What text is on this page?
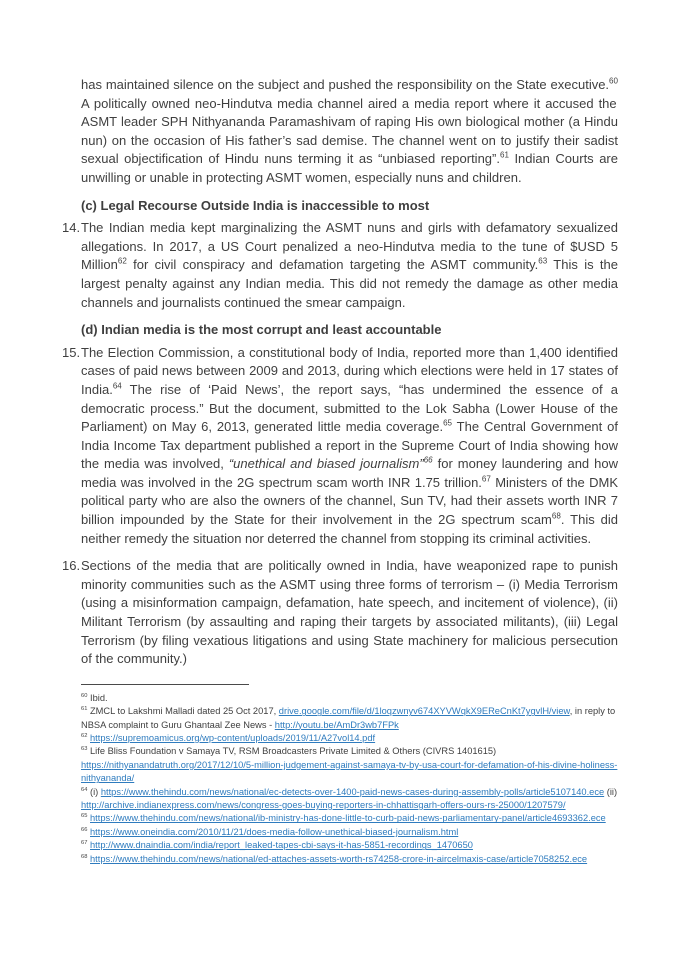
has maintained silence on the subject and pushed the responsibility on the State executive.$^{60}$ A politically owned neo-Hindutva media channel aired a media report where it accused the ASMT leader SPH Nithyananda Paramashivam of raping His own biological mother (a Hindu nun) on the occasion of His father’s sad demise. The channel went on to justify their sadist sexual objectification of Hindu nuns terming it as “unbiased reporting”.$^{61}$ Indian Courts are unwilling or unable in protecting ASMT women, especially nuns and children.

(c) Legal Recourse Outside India is inaccessible to most

14. The Indian media kept marginalizing the ASMT nuns and girls with defamatory sexualized allegations. In 2017, a US Court penalized a neo-Hindutva media to the tune of $USD 5 Million$^{62}$ for civil conspiracy and defamation targeting the ASMT community.$^{63}$ This is the largest penalty against any Indian media. This did not remedy the damage as other media channels and journalists continued the smear campaign.

(d) Indian media is the most corrupt and least accountable

15. The Election Commission, a constitutional body of India, reported more than 1,400 identified cases of paid news between 2009 and 2013, during which elections were held in 17 states of India.$^{64}$ The rise of ‘Paid News’, the report says, “has undermined the essence of a democratic process.” But the document, submitted to the Lok Sabha (Lower House of the Parliament) on May 6, 2013, generated little media coverage.$^{65}$ The Central Government of India Income Tax department published a report in the Supreme Court of India showing how the media was involved, “unethical and biased journalism”$^{66}$ for money laundering and how media was involved in the 2G spectrum scam worth INR 1.75 trillion.$^{67}$ Ministers of the DMK political party who are also the owners of the channel, Sun TV, had their assets worth INR 7 billion impounded by the State for their involvement in the 2G spectrum scam$^{68}$. This did neither remedy the situation nor deterred the channel from stopping its criminal activities.

16. Sections of the media that are politically owned in India, have weaponized rape to punish minority communities such as the ASMT using three forms of terrorism – (i) Media Terrorism (using a misinformation campaign, defamation, hate speech, and incitement of violence), (ii) Militant Terrorism (by assaulting and raping their targets by associated militants), (iii) Legal Terrorism (by filing vexatious litigations and using State machinery for malicious persecution of the community.)

$^{60}$ Ibid.

$^{61}$ ZMCL to Lakshmi Malladi dated 25 Oct 2017, drive.google.com/file/d/1loqzwnyv674XYVWqkX9EReCnKt7ygvlH/view, in reply to NBSA complaint to Guru Ghantaal Zee News - http://youtu.be/AmDr3wb7FPk

$^{62}$ https://supremoamicus.org/wp-content/uploads/2019/11/A27vol14.pdf

$^{63}$ Life Bliss Foundation v Samaya TV, RSM Broadcasters Private Limited & Others (CIVRS 1401615)
https://nithyanandatruth.org/2017/12/10/5-million-judgement-against-samaya-tv-by-usa-court-for-defamation-of-his-divine-holiness-nithyananda/

$^{64}$ (i) https://www.thehindu.com/news/national/ec-detects-over-1400-paid-news-cases-during-assembly-polls/article5107140.ece (ii) http://archive.indianexpress.com/news/congress-goes-buying-reporters-in-chhattisgarh-offers-ours-rs-25000/1207579/

$^{65}$ https://www.thehindu.com/news/national/ib-ministry-has-done-little-to-curb-paid-news-parliamentary-panel/article4693362.ece

$^{66}$ https://www.oneindia.com/2010/11/21/does-media-follow-unethical-biased-journalism.html

$^{67}$ http://www.dnaindia.com/india/report_leaked-tapes-cbi-says-it-has-5851-recordings_1470650

$^{68}$ https://www.thehindu.com/news/national/ed-attaches-assets-worth-rs74258-crore-in-aircelmaxis-case/article7058252.ece
